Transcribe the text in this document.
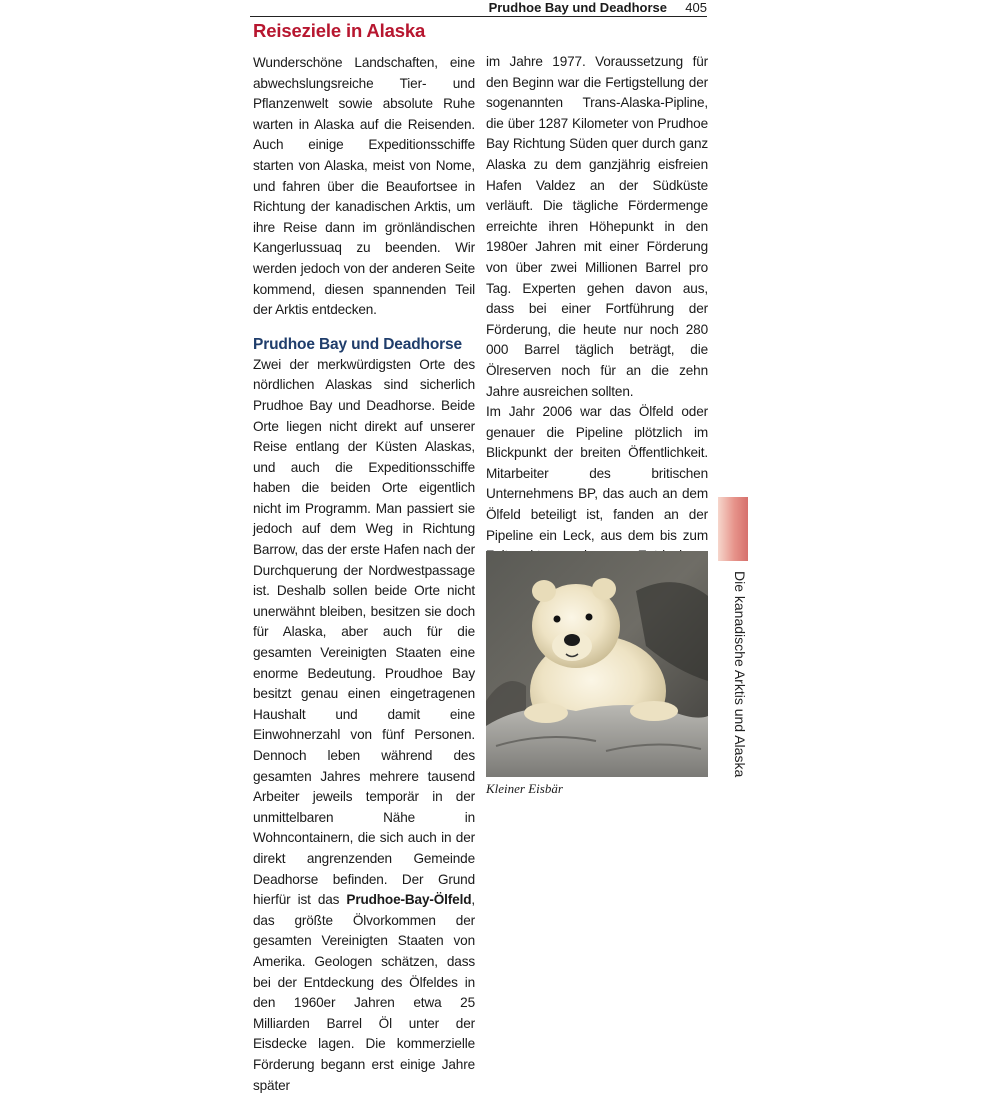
Prudhoe Bay und Deadhorse 405
Reiseziele in Alaska

Wunderschöne Landschaften, eine abwechslungsreiche Tier- und Pflanzenwelt sowie absolute Ruhe warten in Alaska auf die Reisenden. Auch einige Expeditionsschiffe starten von Alaska, meist von Nome, und fahren über die Beaufortsee in Richtung der kanadischen Arktis, um ihre Reise dann im grönländischen Kangerlussuaq zu beenden. Wir werden jedoch von der anderen Seite kommend, diesen spannenden Teil der Arktis entdecken.

Prudhoe Bay und Deadhorse

Zwei der merkwürdigsten Orte des nördlichen Alaskas sind sicherlich Prudhoe Bay und Deadhorse. Beide Orte liegen nicht direkt auf unserer Reise entlang der Küsten Alaskas, und auch die Expeditionsschiffe haben die beiden Orte eigentlich nicht im Programm. Man passiert sie jedoch auf dem Weg in Richtung Barrow, das der erste Hafen nach der Durchquerung der Nordwestpassage ist. Deshalb sollen beide Orte nicht unerwähnt bleiben, besitzen sie doch für Alaska, aber auch für die gesamten Vereinigten Staaten eine enorme Bedeutung. Proudhoe Bay besitzt genau einen eingetragenen Haushalt und damit eine Einwohnerzahl von fünf Personen. Dennoch leben während des gesamten Jahres mehrere tausend Arbeiter jeweils temporär in der unmittelbaren Nähe in Wohncontainern, die sich auch in der direkt angrenzenden Gemeinde Deadhorse befinden. Der Grund hierfür ist das Prudhoe-Bay-Ölfeld, das größte Ölvorkommen der gesamten Vereinigten Staaten von Amerika. Geologen schätzen, dass bei der Entdeckung des Ölfeldes in den 1960er Jahren etwa 25 Milliarden Barrel Öl unter der Eisdecke lagen. Die kommerzielle Förderung begann erst einige Jahre später

im Jahre 1977. Voraussetzung für den Beginn war die Fertigstellung der sogenannten Trans-Alaska-Pipline, die über 1287 Kilometer von Prudhoe Bay Richtung Süden quer durch ganz Alaska zu dem ganzjährig eisfreien Hafen Valdez an der Südküste verläuft. Die tägliche Fördermenge erreichte ihren Höhepunkt in den 1980er Jahren mit einer Förderung von über zwei Millionen Barrel pro Tag. Experten gehen davon aus, dass bei einer Fortführung der Förderung, die heute nur noch 280 000 Barrel täglich beträgt, die Ölreserven noch für an die zehn Jahre ausreichen sollten.

Im Jahr 2006 war das Ölfeld oder genauer die Pipeline plötzlich im Blickpunkt der breiten Öffentlichkeit. Mitarbeiter des britischen Unternehmens BP, das auch an dem Ölfeld beteiligt ist, fanden an der Pipeline ein Leck, aus dem bis zum

Kleiner Eisbär
Die kanadische Arktis und Alaska
